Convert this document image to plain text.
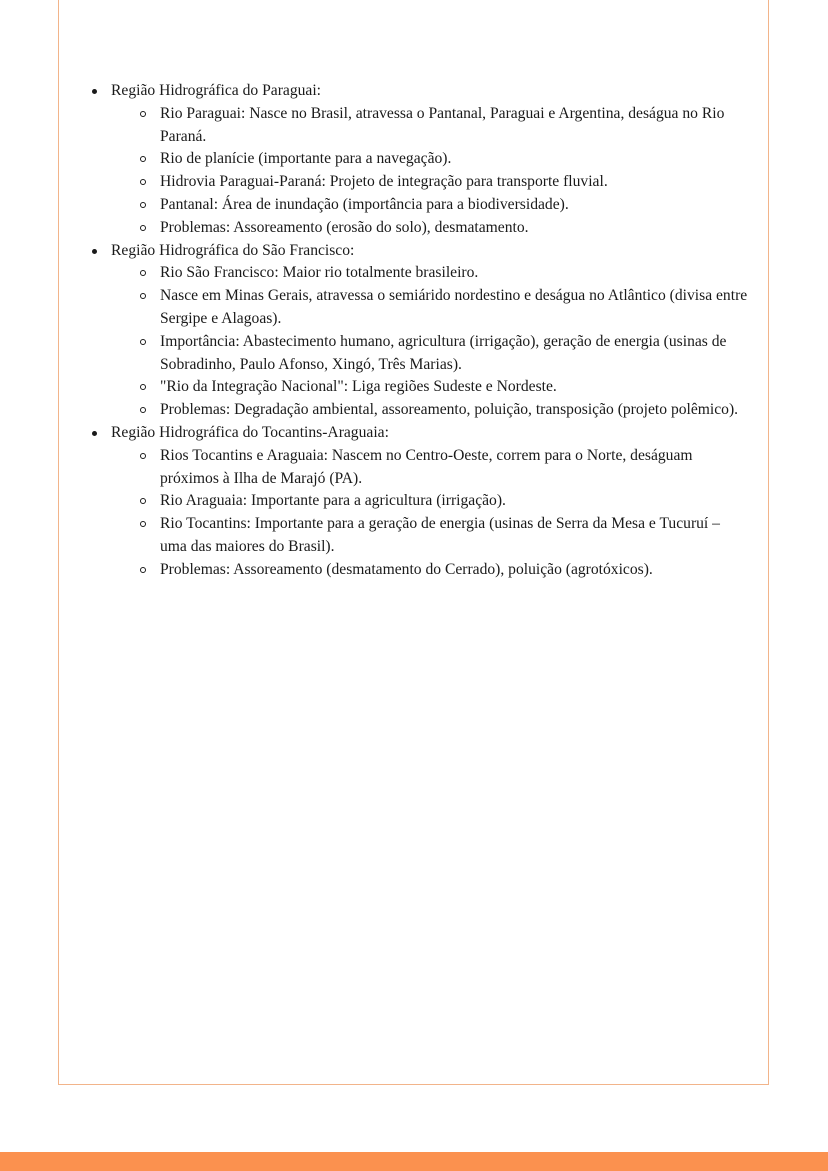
Região Hidrográfica do Paraguai:
Rio Paraguai: Nasce no Brasil, atravessa o Pantanal, Paraguai e Argentina, deságua no Rio Paraná.
Rio de planície (importante para a navegação).
Hidrovia Paraguai-Paraná: Projeto de integração para transporte fluvial.
Pantanal: Área de inundação (importância para a biodiversidade).
Problemas: Assoreamento (erosão do solo), desmatamento.
Região Hidrográfica do São Francisco:
Rio São Francisco: Maior rio totalmente brasileiro.
Nasce em Minas Gerais, atravessa o semiárido nordestino e deságua no Atlântico (divisa entre Sergipe e Alagoas).
Importância: Abastecimento humano, agricultura (irrigação), geração de energia (usinas de Sobradinho, Paulo Afonso, Xingó, Três Marias).
"Rio da Integração Nacional": Liga regiões Sudeste e Nordeste.
Problemas: Degradação ambiental, assoreamento, poluição, transposição (projeto polêmico).
Região Hidrográfica do Tocantins-Araguaia:
Rios Tocantins e Araguaia: Nascem no Centro-Oeste, correm para o Norte, deságuam próximos à Ilha de Marajó (PA).
Rio Araguaia: Importante para a agricultura (irrigação).
Rio Tocantins: Importante para a geração de energia (usinas de Serra da Mesa e Tucuruí – uma das maiores do Brasil).
Problemas: Assoreamento (desmatamento do Cerrado), poluição (agrotóxicos).
